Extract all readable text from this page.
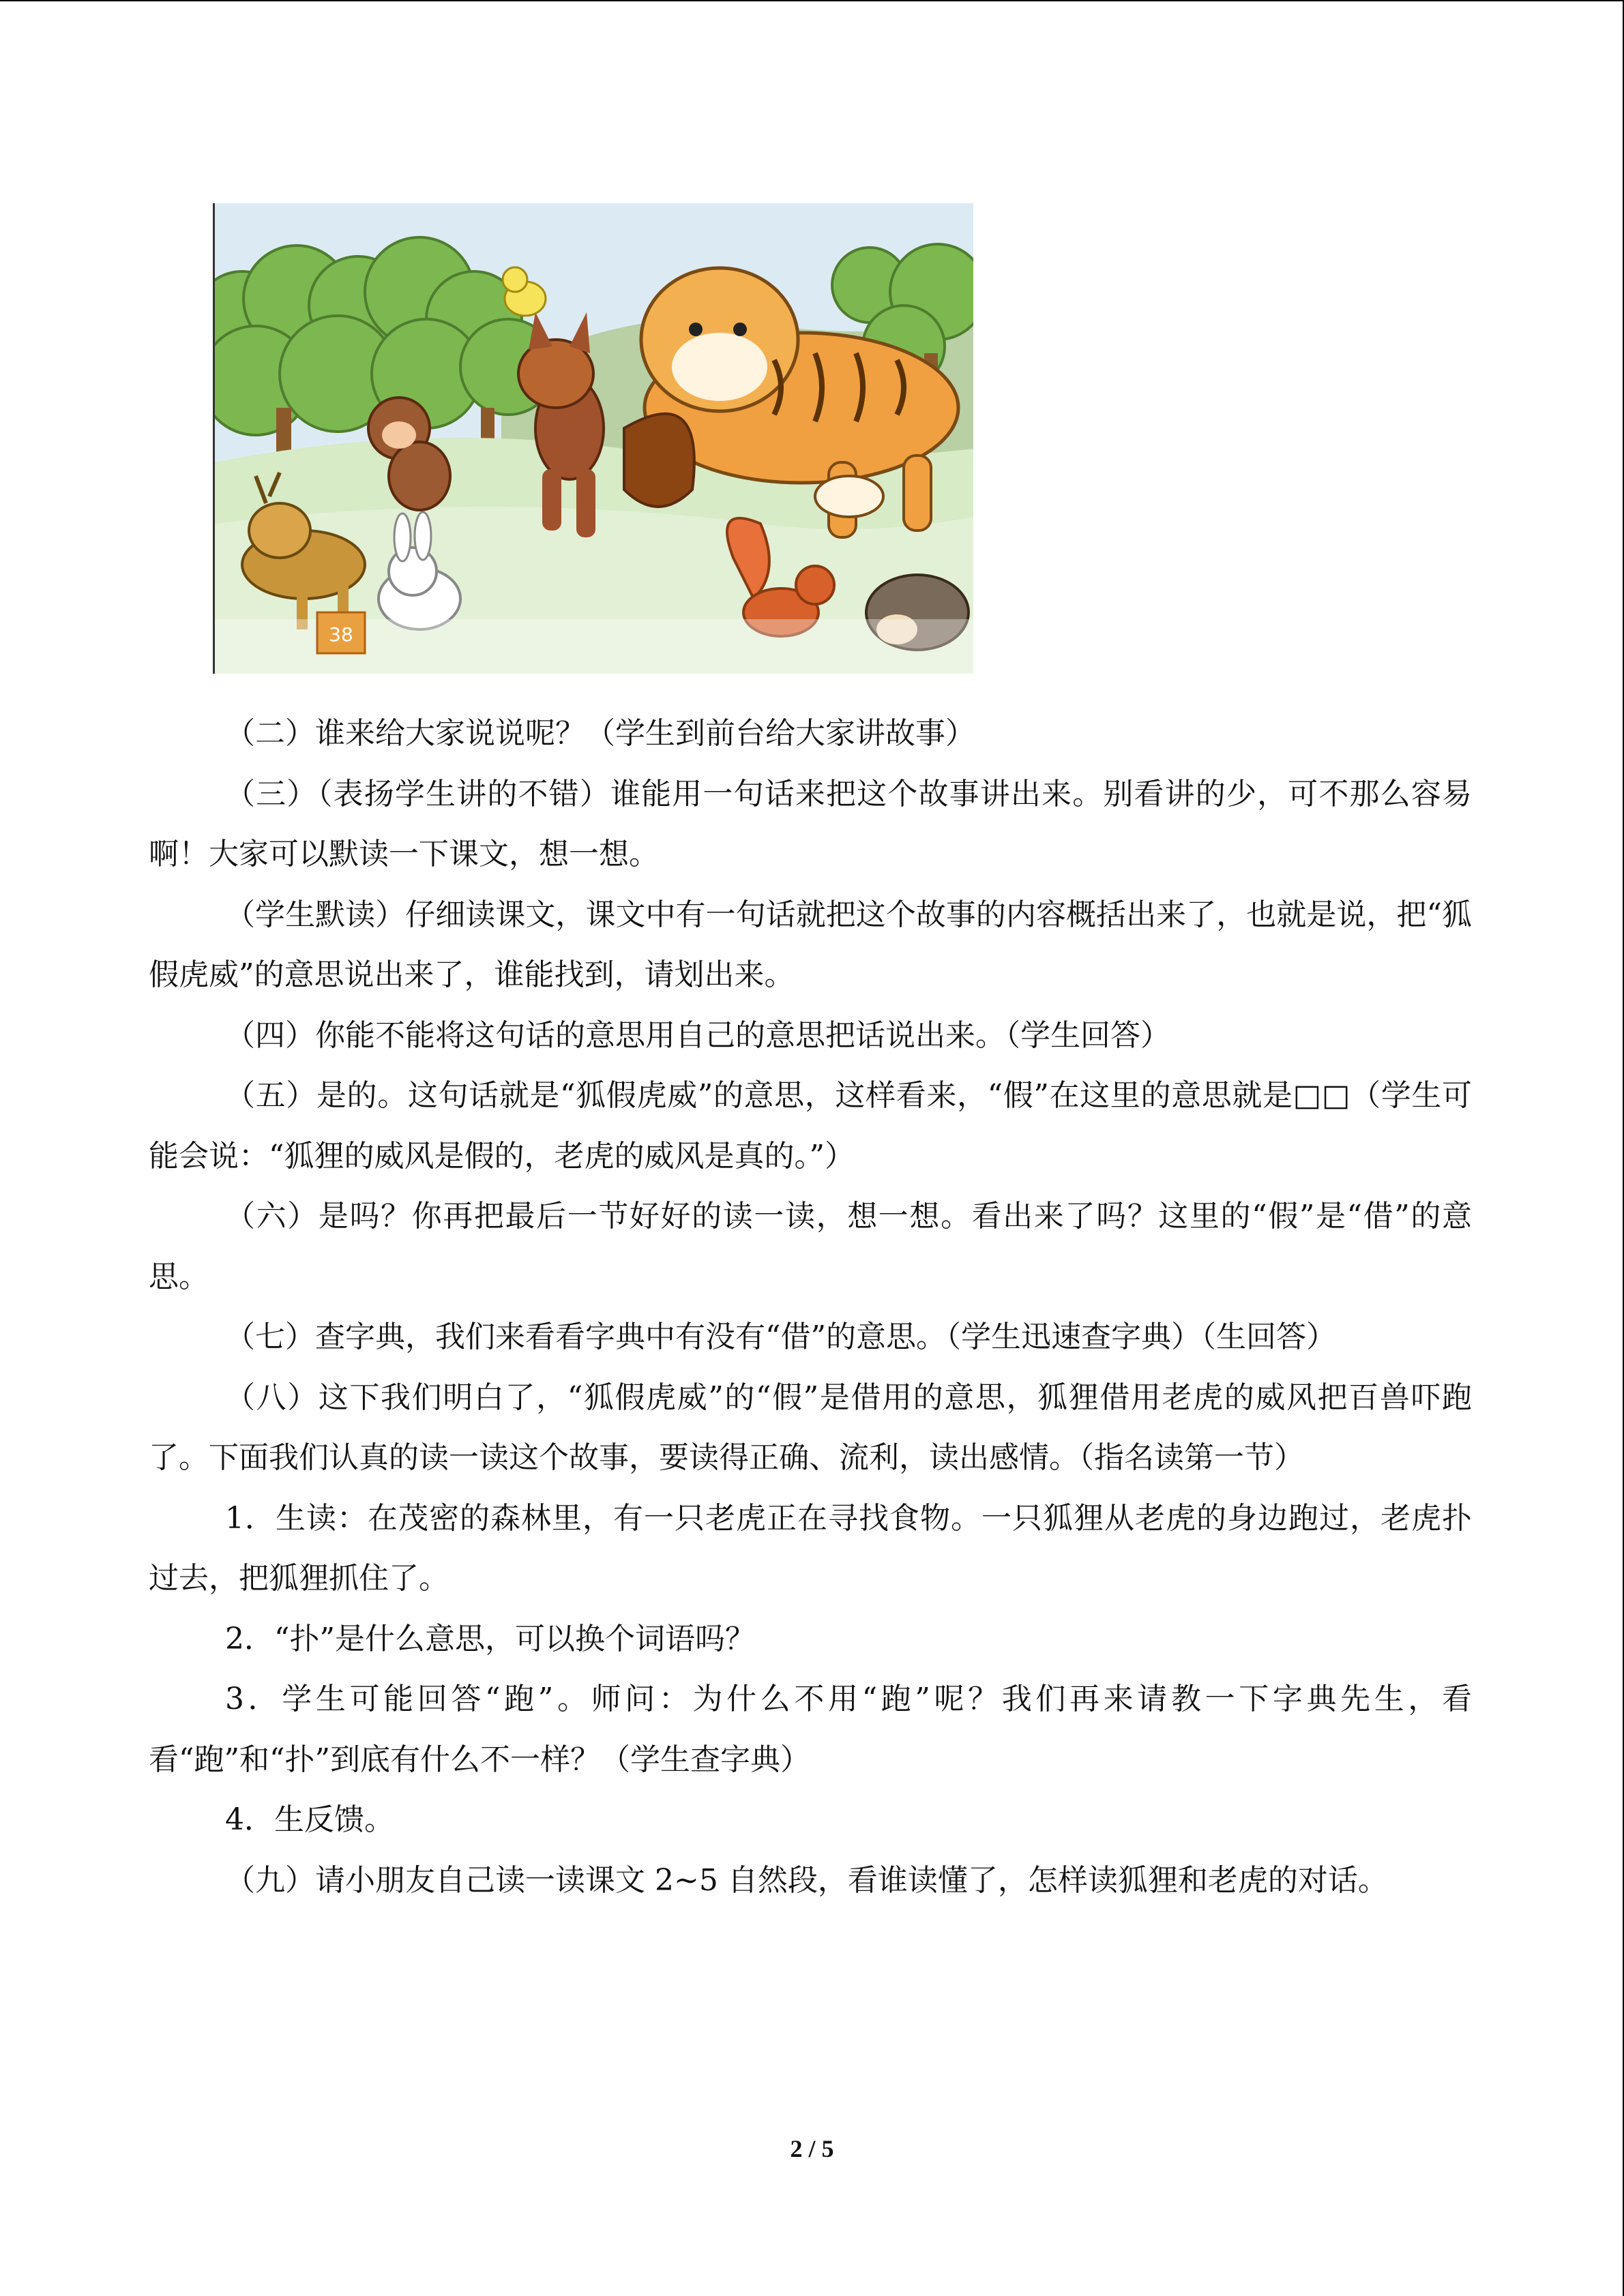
38

（二）谁来给大家说说呢？（学生到前台给大家讲故事）

（三）（表扬学生讲的不错）谁能用一句话来把这个故事讲出来。别看讲的少，可不那么容易啊！大家可以默读一下课文，想一想。

（学生默读）仔细读课文，课文中有一句话就把这个故事的内容概括出来了，也就是说，把“狐假虎威”的意思说出来了，谁能找到，请划出来。

（四）你能不能将这句话的意思用自己的意思把话说出来。（学生回答）

（五）是的。这句话就是“狐假虎威”的意思，这样看来，“假”在这里的意思就是□□（学生可能会说：“狐狸的威风是假的，老虎的威风是真的。”）

（六）是吗？你再把最后一节好好的读一读，想一想。看出来了吗？这里的“假”是“借”的意思。

（七）查字典，我们来看看字典中有没有“借”的意思。（学生迅速查字典）（生回答）

（八）这下我们明白了，“狐假虎威”的“假”是借用的意思，狐狸借用老虎的威风把百兽吓跑了。下面我们认真的读一读这个故事，要读得正确、流利，读出感情。（指名读第一节）

1．生读：在茂密的森林里，有一只老虎正在寻找食物。一只狐狸从老虎的身边跑过，老虎扑过去，把狐狸抓住了。

2．“扑”是什么意思，可以换个词语吗？

3．学生可能回答“跑”。师问：为什么不用“跑”呢？我们再来请教一下字典先生，看看“跑”和“扑”到底有什么不一样？（学生查字典）

4．生反馈。

（九）请小朋友自己读一读课文 2~5 自然段，看谁读懂了，怎样读狐狸和老虎的对话。

2 / 5
